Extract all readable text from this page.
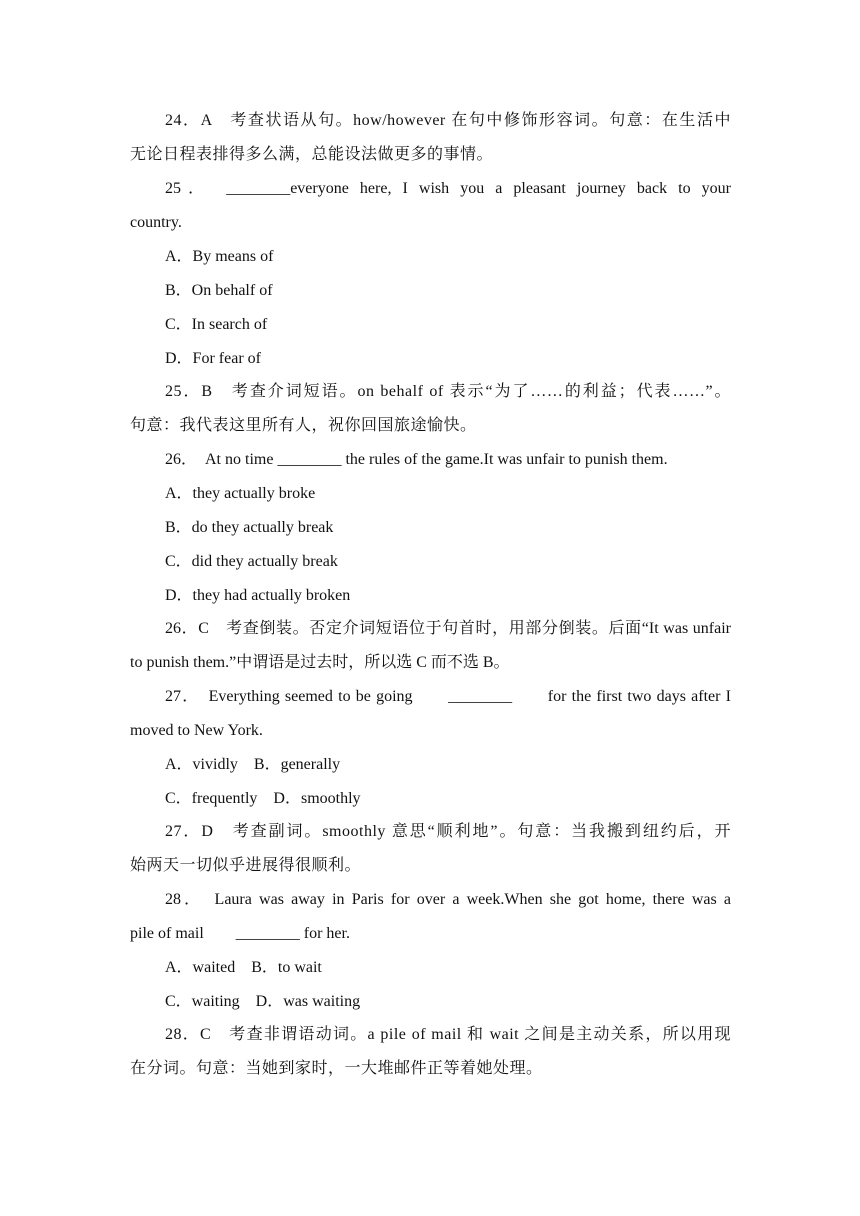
24．A　考查状语从句。how/however 在句中修饰形容词。句意：在生活中
无论日程表排得多么满，总能设法做更多的事情。
25．　________everyone here, I wish you a pleasant journey back to your
country.
A．By means of
B．On behalf of
C．In search of
D．For fear of
25．B　考查介词短语。on behalf of 表示“为了……的利益；代表……”。
句意：我代表这里所有人，祝你回国旅途愉快。
26．　At no time ________ the rules of the game.It was unfair to punish them.
A．they actually broke
B．do they actually break
C．did they actually break
D．they had actually broken
26．C　考查倒装。否定介词短语位于句首时，用部分倒装。后面“It was unfair
to punish them.”中谓语是过去时，所以选 C 而不选 B。
27．　Everything seemed to be going　　________　　for the first two days after I
moved to New York.
A．vividly　B．generally
C．frequently　D．smoothly
27．D　考查副词。smoothly 意思“顺利地”。句意：当我搬到纽约后，开
始两天一切似乎进展得很顺利。
28．　Laura was away in Paris for over a week.When she got home, there was a
pile of mail　　________ for her.
A．waited　B．to wait
C．waiting　D．was waiting
28．C　考查非谓语动词。a pile of mail 和 wait 之间是主动关系，所以用现
在分词。句意：当她到家时，一大堆邮件正等着她处理。
